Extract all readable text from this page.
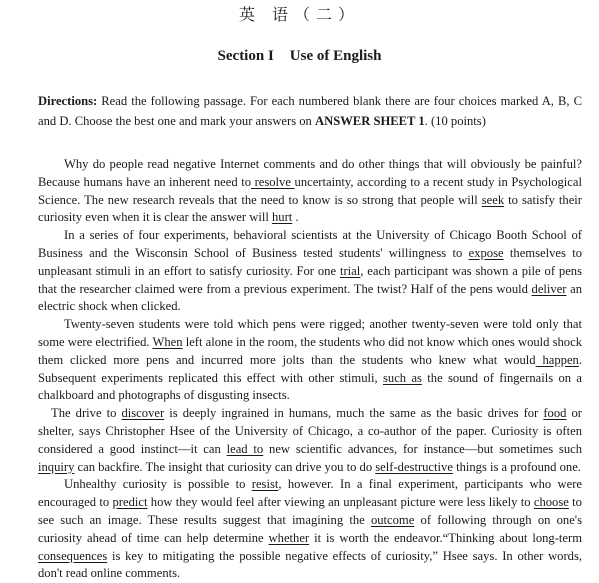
英 语（二）
Section I Use of English
Directions: Read the following passage. For each numbered blank there are four choices marked A, B, C and D. Choose the best one and mark your answers on ANSWER SHEET 1. (10 points)

Why do people read negative Internet comments and do other things that will obviously be painful? Because humans have an inherent need to resolve uncertainty, according to a recent study in Psychological Science. The new research reveals that the need to know is so strong that people will seek to satisfy their curiosity even when it is clear the answer will hurt .

In a series of four experiments, behavioral scientists at the University of Chicago Booth School of Business and the Wisconsin School of Business tested students' willingness to expose themselves to unpleasant stimuli in an effort to satisfy curiosity. For one trial, each participant was shown a pile of pens that the researcher claimed were from a previous experiment. The twist? Half of the pens would deliver an electric shock when clicked.

Twenty-seven students were told which pens were rigged; another twenty-seven were told only that some were electrified. When left alone in the room, the students who did not know which ones would shock them clicked more pens and incurred more jolts than the students who knew what would happen. Subsequent experiments replicated this effect with other stimuli, such as the sound of fingernails on a chalkboard and photographs of disgusting insects.

The drive to discover is deeply ingrained in humans, much the same as the basic drives for food or shelter, says Christopher Hsee of the University of Chicago, a co-author of the paper. Curiosity is often considered a good instinct—it can lead to new scientific advances, for instance—but sometimes such inquiry can backfire. The insight that curiosity can drive you to do self-destructive things is a profound one.

Unhealthy curiosity is possible to resist, however. In a final experiment, participants who were encouraged to predict how they would feel after viewing an unpleasant picture were less likely to choose to see such an image. These results suggest that imagining the outcome of following through on one's curiosity ahead of time can help determine whether it is worth the endeavor.“Thinking about long-term consequences is key to mitigating the possible negative effects of curiosity,” Hsee says. In other words, don't read online comments.
